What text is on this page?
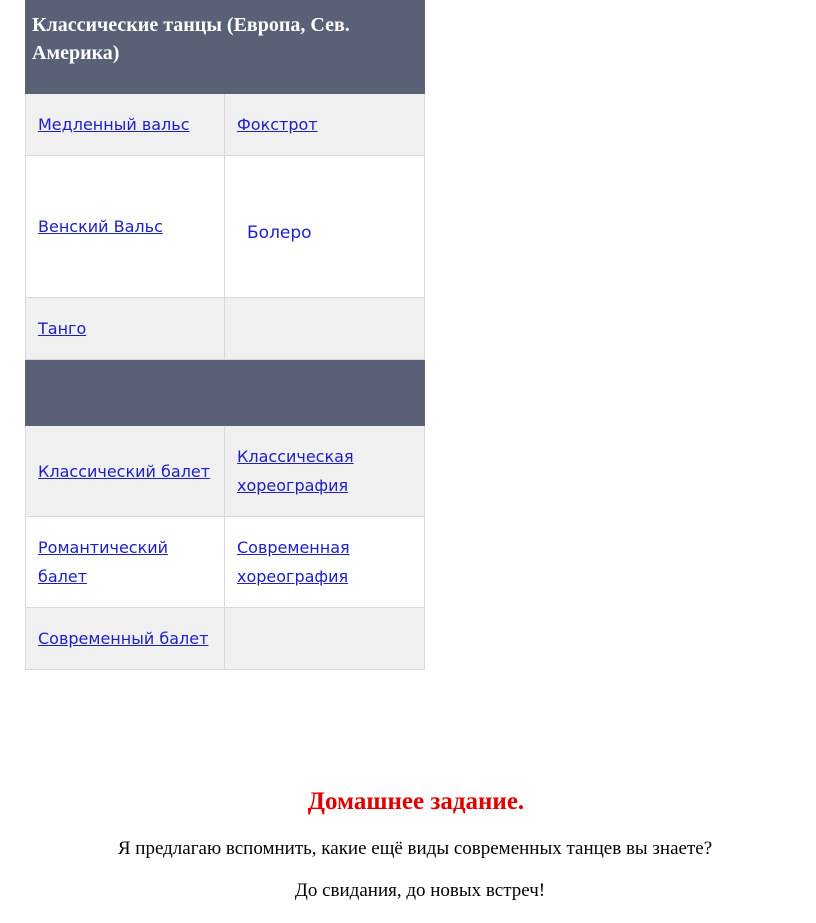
Классические танцы (Европа, Сев. Америка)	
Медленный вальс	Фокстрот
Венский Вальс	Болеро
Танго	

Классический балет	Классическая хореография
Романтический балет	Современная хореография
Современный балет	
Домашнее задание.
Я предлагаю вспомнить, какие ещё виды современных танцев вы знаете?
До свидания, до новых встреч!
